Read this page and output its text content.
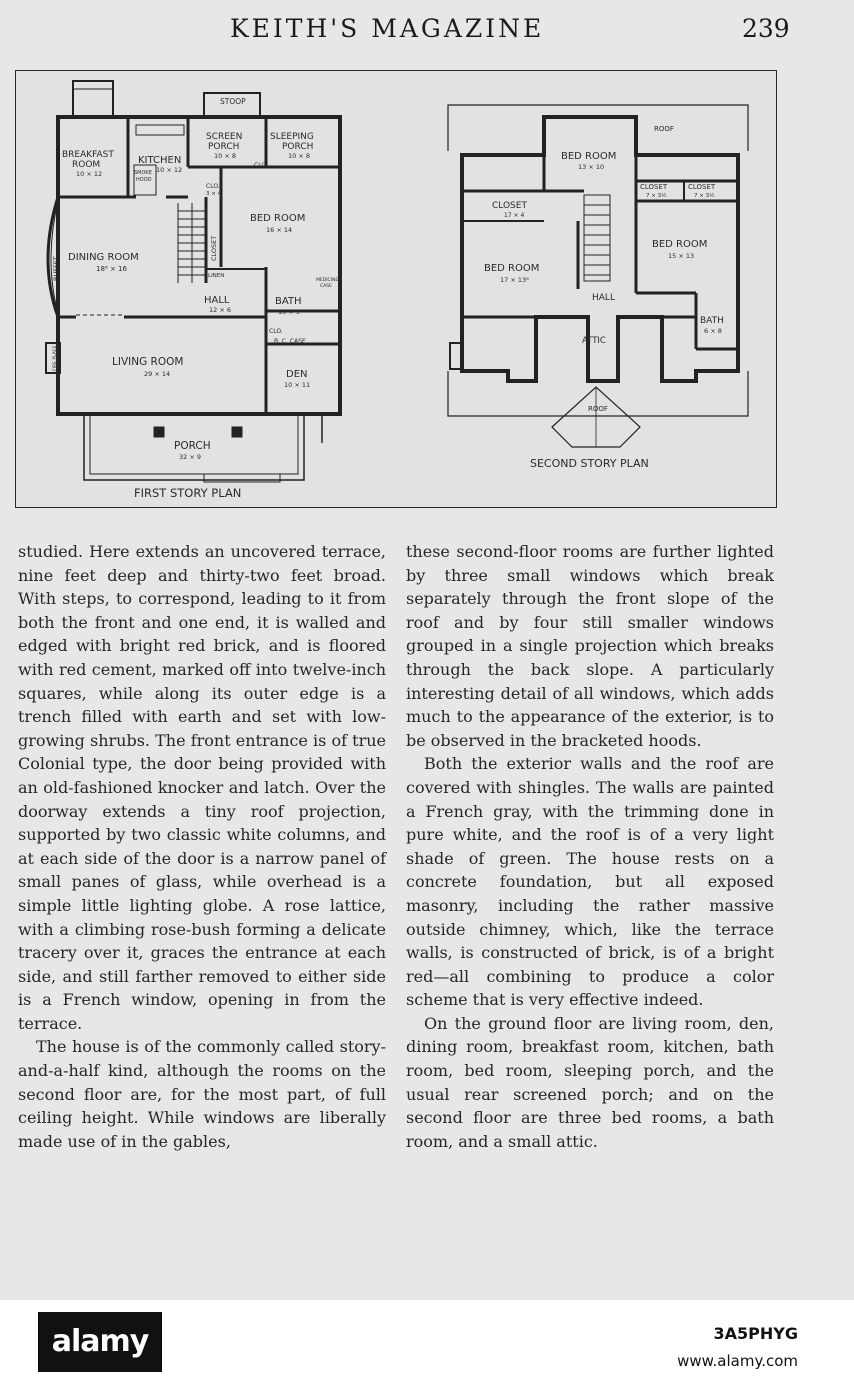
KEITH'S MAGAZINE	239
STOOP
BREAKFAST
ROOM
10 × 12
KITCHEN
10 × 12
SCREEN
PORCH
10 × 8
SLEEPING
PORCH
10 × 8
BED ROOM
16 × 14
DINING ROOM
18⁶ × 16
BUFFET
HALL
12 × 6
BATH
10 × 5
CLO.
CLO.
3 × 4
CLO.
CLOSET
SMOKE
HOOD
LINEN
MEDICINE
CASE
B. C. CASE
LIVING ROOM
29 × 14	DEN
10 × 11
FIRE PLACE
PORCH
32 × 9
FIRST STORY PLAN
ROOF
BED ROOM
13 × 10
CLOSET
17 × 4
CLOSET
7 × 3½
CLOSET
7 × 3½
BED ROOM
15 × 13
BED ROOM
17 × 13⁶
HALL
BATH
6 × 8
ATTIC
ROOF
SECOND STORY PLAN

studied. Here extends an uncovered terrace, nine feet deep and thirty-two feet broad. With steps, to correspond, leading to it from both the front and one end, it is walled and edged with bright red brick, and is floored with red cement, marked off into twelve-inch squares, while along its outer edge is a trench filled with earth and set with low-growing shrubs. The front entrance is of true Colonial type, the door being provided with an old-fashioned knocker and latch. Over the doorway extends a tiny roof projection, supported by two classic white columns, and at each side of the door is a narrow panel of small panes of glass, while overhead is a simple little lighting globe. A rose lattice, with a climbing rose-bush forming a delicate tracery over it, graces the entrance at each side, and still farther removed to either side is a French window, opening in from the terrace.

The house is of the commonly called story-and-a-half kind, although the rooms on the second floor are, for the most part, of full ceiling height. While windows are liberally made use of in the gables,

these second-floor rooms are further lighted by three small windows which break separately through the front slope of the roof and by four still smaller windows grouped in a single projection which breaks through the back slope. A particularly interesting detail of all windows, which adds much to the appearance of the exterior, is to be observed in the bracketed hoods.

Both the exterior walls and the roof are covered with shingles. The walls are painted a French gray, with the trimming done in pure white, and the roof is of a very light shade of green. The house rests on a concrete foundation, but all exposed masonry, including the rather massive outside chimney, which, like the terrace walls, is constructed of brick, is of a bright red—all combining to produce a color scheme that is very effective indeed.

On the ground floor are living room, den, dining room, breakfast room, kitchen, bath room, bed room, sleeping porch, and the usual rear screened porch; and on the second floor are three bed rooms, a bath room, and a small attic.

alamy	3A5PHYG
www.alamy.com
